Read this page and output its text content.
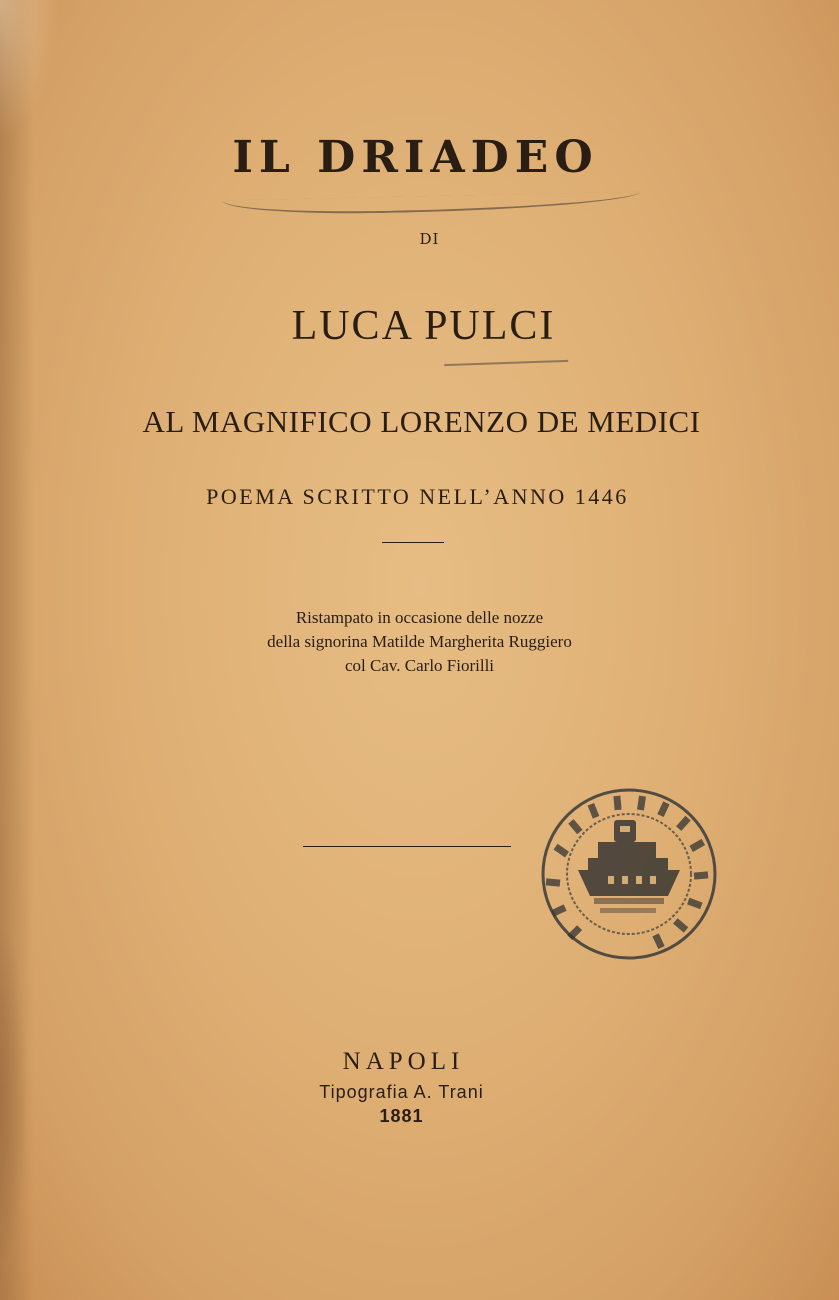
IL DRIADEO
DI
LUCA PULCI
AL MAGNIFICO LORENZO DE MEDICI
POEMA SCRITTO NELL’ANNO 1446
Ristampato in occasione delle nozze
della signorina Matilde Margherita Ruggiero
col Cav. Carlo Fiorilli
NAPOLI
Tipografia A. Trani
1881
